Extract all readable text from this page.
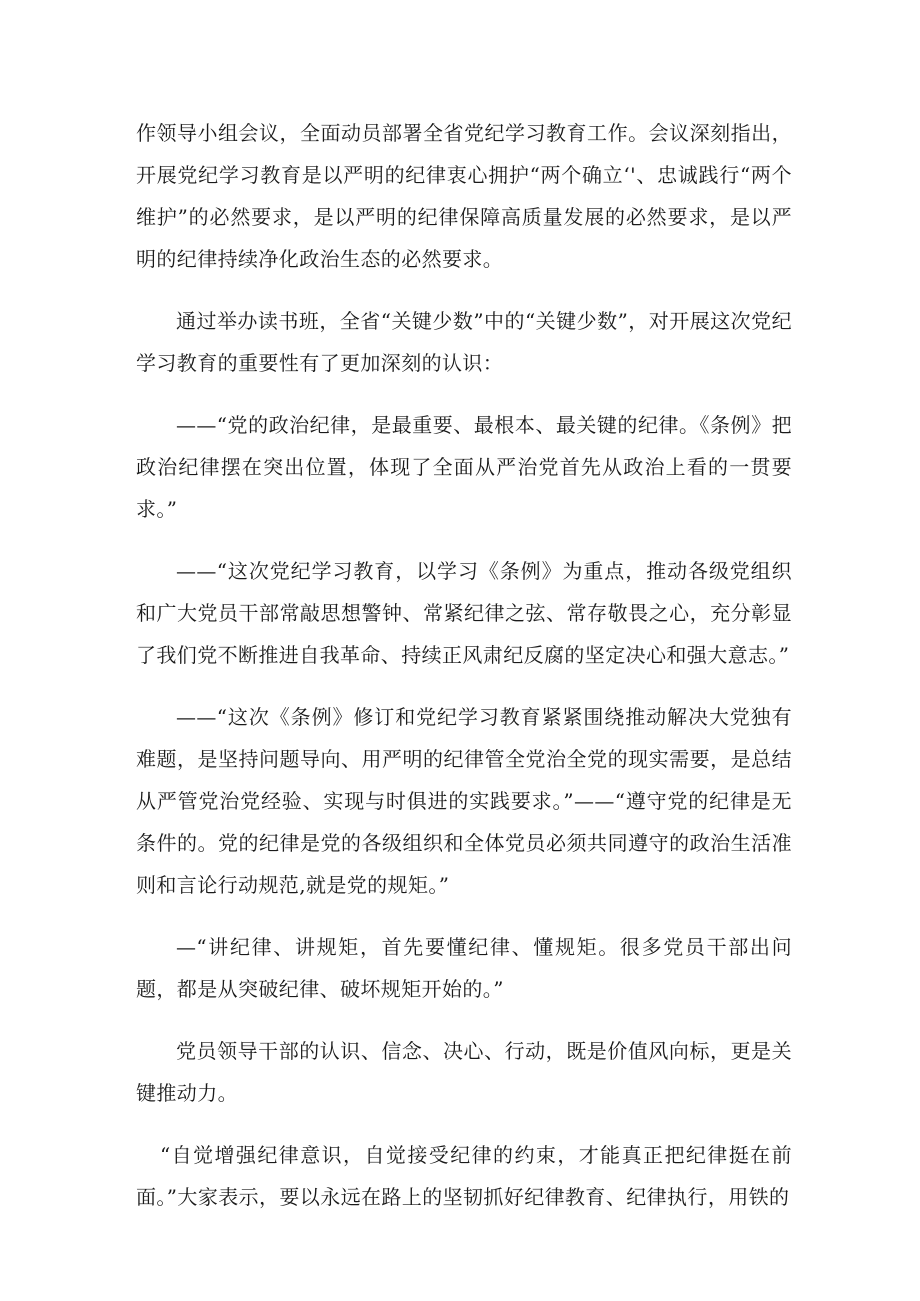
作领导小组会议，全面动员部署全省党纪学习教育工作。会议深刻指出，开展党纪学习教育是以严明的纪律衷心拥护“两个确立‘'、忠诚践行“两个维护”的必然要求，是以严明的纪律保障高质量发展的必然要求，是以严明的纪律持续净化政治生态的必然要求。

通过举办读书班，全省“关键少数”中的“关键少数”，对开展这次党纪学习教育的重要性有了更加深刻的认识：

——“党的政治纪律，是最重要、最根本、最关键的纪律。《条例》把政治纪律摆在突出位置，体现了全面从严治党首先从政治上看的一贯要求。”

——“这次党纪学习教育，以学习《条例》为重点，推动各级党组织和广大党员干部常敲思想警钟、常紧纪律之弦、常存敬畏之心，充分彰显了我们党不断推进自我革命、持续正风肃纪反腐的坚定决心和强大意志。”

——“这次《条例》修订和党纪学习教育紧紧围绕推动解决大党独有难题，是坚持问题导向、用严明的纪律管全党治全党的现实需要，是总结从严管党治党经验、实现与时俱进的实践要求。”——“遵守党的纪律是无条件的。党的纪律是党的各级组织和全体党员必须共同遵守的政治生活准则和言论行动规范,就是党的规矩。”

—“讲纪律、讲规矩，首先要懂纪律、懂规矩。很多党员干部出问题，都是从突破纪律、破坏规矩开始的。”

党员领导干部的认识、信念、决心、行动，既是价值风向标，更是关键推动力。

“自觉增强纪律意识，自觉接受纪律的约束，才能真正把纪律挺在前面。”大家表示，要以永远在路上的坚韧抓好纪律教育、纪律执行，用铁的
